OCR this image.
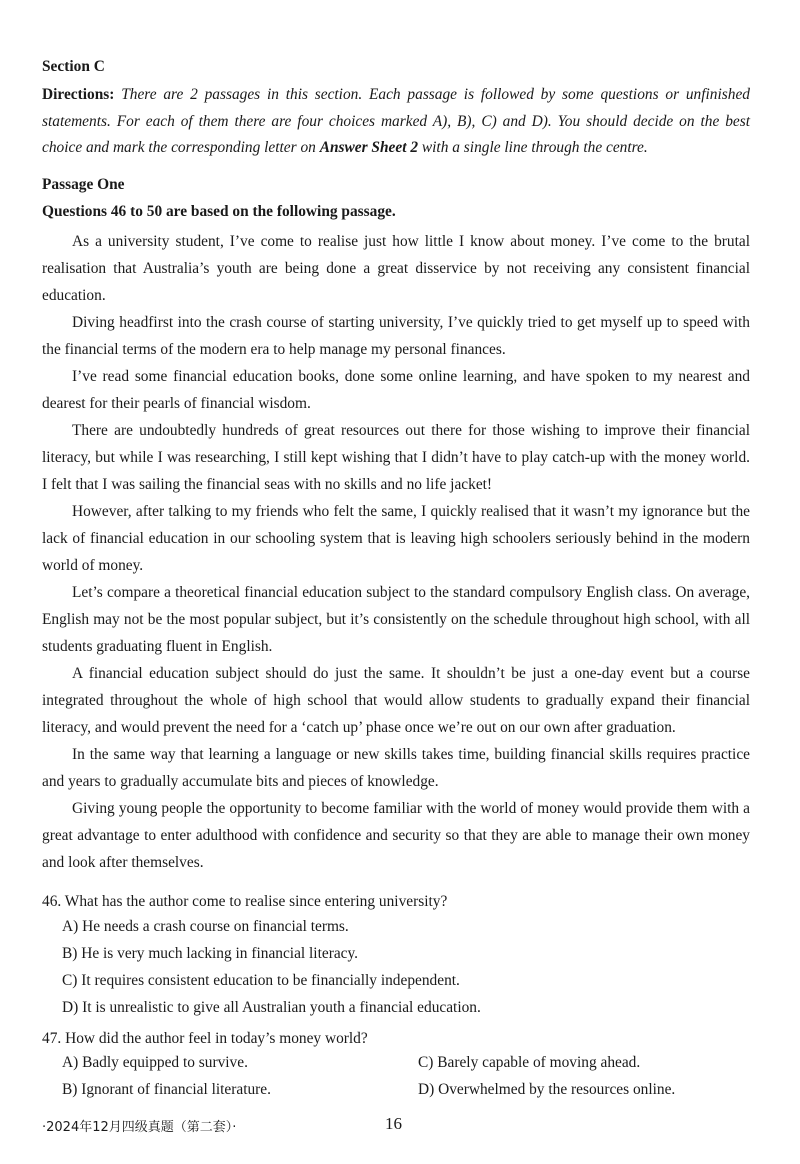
Section C
Directions: There are 2 passages in this section. Each passage is followed by some questions or unfinished statements. For each of them there are four choices marked A), B), C) and D). You should decide on the best choice and mark the corresponding letter on Answer Sheet 2 with a single line through the centre.
Passage One
Questions 46 to 50 are based on the following passage.

As a university student, I’ve come to realise just how little I know about money. I’ve come to the brutal realisation that Australia’s youth are being done a great disservice by not receiving any consistent financial education.

Diving headfirst into the crash course of starting university, I’ve quickly tried to get myself up to speed with the financial terms of the modern era to help manage my personal finances.

I’ve read some financial education books, done some online learning, and have spoken to my nearest and dearest for their pearls of financial wisdom.

There are undoubtedly hundreds of great resources out there for those wishing to improve their financial literacy, but while I was researching, I still kept wishing that I didn’t have to play catch-up with the money world. I felt that I was sailing the financial seas with no skills and no life jacket!

However, after talking to my friends who felt the same, I quickly realised that it wasn’t my ignorance but the lack of financial education in our schooling system that is leaving high schoolers seriously behind in the modern world of money.

Let’s compare a theoretical financial education subject to the standard compulsory English class. On average, English may not be the most popular subject, but it’s consistently on the schedule throughout high school, with all students graduating fluent in English.

A financial education subject should do just the same. It shouldn’t be just a one-day event but a course integrated throughout the whole of high school that would allow students to gradually expand their financial literacy, and would prevent the need for a ‘catch up’ phase once we’re out on our own after graduation.

In the same way that learning a language or new skills takes time, building financial skills requires practice and years to gradually accumulate bits and pieces of knowledge.

Giving young people the opportunity to become familiar with the world of money would provide them with a great advantage to enter adulthood with confidence and security so that they are able to manage their own money and look after themselves.

46. What has the author come to realise since entering university?
A) He needs a crash course on financial terms.
B) He is very much lacking in financial literacy.
C) It requires consistent education to be financially independent.
D) It is unrealistic to give all Australian youth a financial education.
47. How did the author feel in today’s money world?
A) Badly equipped to survive.	C) Barely capable of moving ahead.
B) Ignorant of financial literature.	D) Overwhelmed by the resources online.
·2024年12月四级真题（第二套）·	16
